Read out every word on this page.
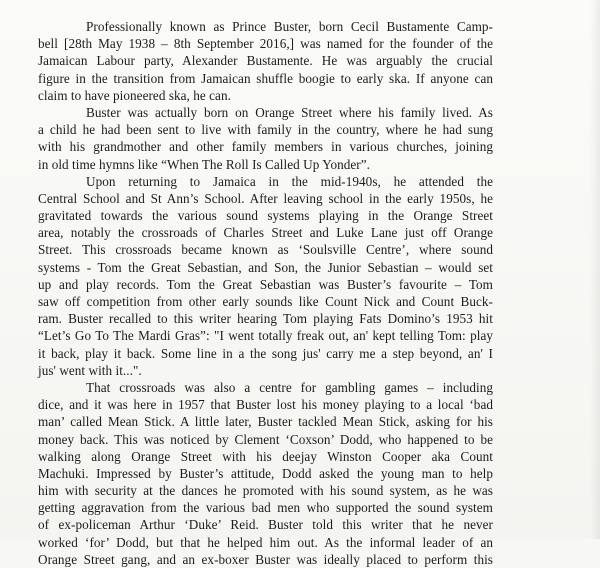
Professionally known as Prince Buster, born Cecil Bustamente Camp-
bell [28th May 1938 – 8th September 2016,] was named for the founder of the
Jamaican Labour party, Alexander Bustamente. He was arguably the crucial
figure in the transition from Jamaican shuffle boogie to early ska. If anyone can
claim to have pioneered ska, he can.
Buster was actually born on Orange Street where his family lived. As
a child he had been sent to live with family in the country, where he had sung
with his grandmother and other family members in various churches, joining
in old time hymns like “When The Roll Is Called Up Yonder”.
Upon returning to Jamaica in the mid-1940s, he attended the
Central School and St Ann’s School. After leaving school in the early 1950s, he
gravitated towards the various sound systems playing in the Orange Street
area, notably the crossroads of Charles Street and Luke Lane just off Orange
Street. This crossroads became known as ‘Soulsville Centre’, where sound
systems - Tom the Great Sebastian, and Son, the Junior Sebastian – would set
up and play records. Tom the Great Sebastian was Buster’s favourite – Tom
saw off competition from other early sounds like Count Nick and Count Buck-
ram. Buster recalled to this writer hearing Tom playing Fats Domino’s 1953 hit
“Let’s Go To The Mardi Gras”: "I went totally freak out, an' kept telling Tom: play
it back, play it back. Some line in a the song jus' carry me a step beyond, an' I
jus' went with it...".
That crossroads was also a centre for gambling games – including
dice, and it was here in 1957 that Buster lost his money playing to a local ‘bad
man’ called Mean Stick. A little later, Buster tackled Mean Stick, asking for his
money back. This was noticed by Clement ‘Coxson’ Dodd, who happened to be
walking along Orange Street with his deejay Winston Cooper aka Count
Machuki. Impressed by Buster’s attitude, Dodd asked the young man to help
him with security at the dances he promoted with his sound system, as he was
getting aggravation from the various bad men who supported the sound system
of ex-policeman Arthur ‘Duke’ Reid. Buster told this writer that he never
worked ‘for’ Dodd, but that he helped him out. As the informal leader of an
Orange Street gang, and an ex-boxer Buster was ideally placed to perform this
